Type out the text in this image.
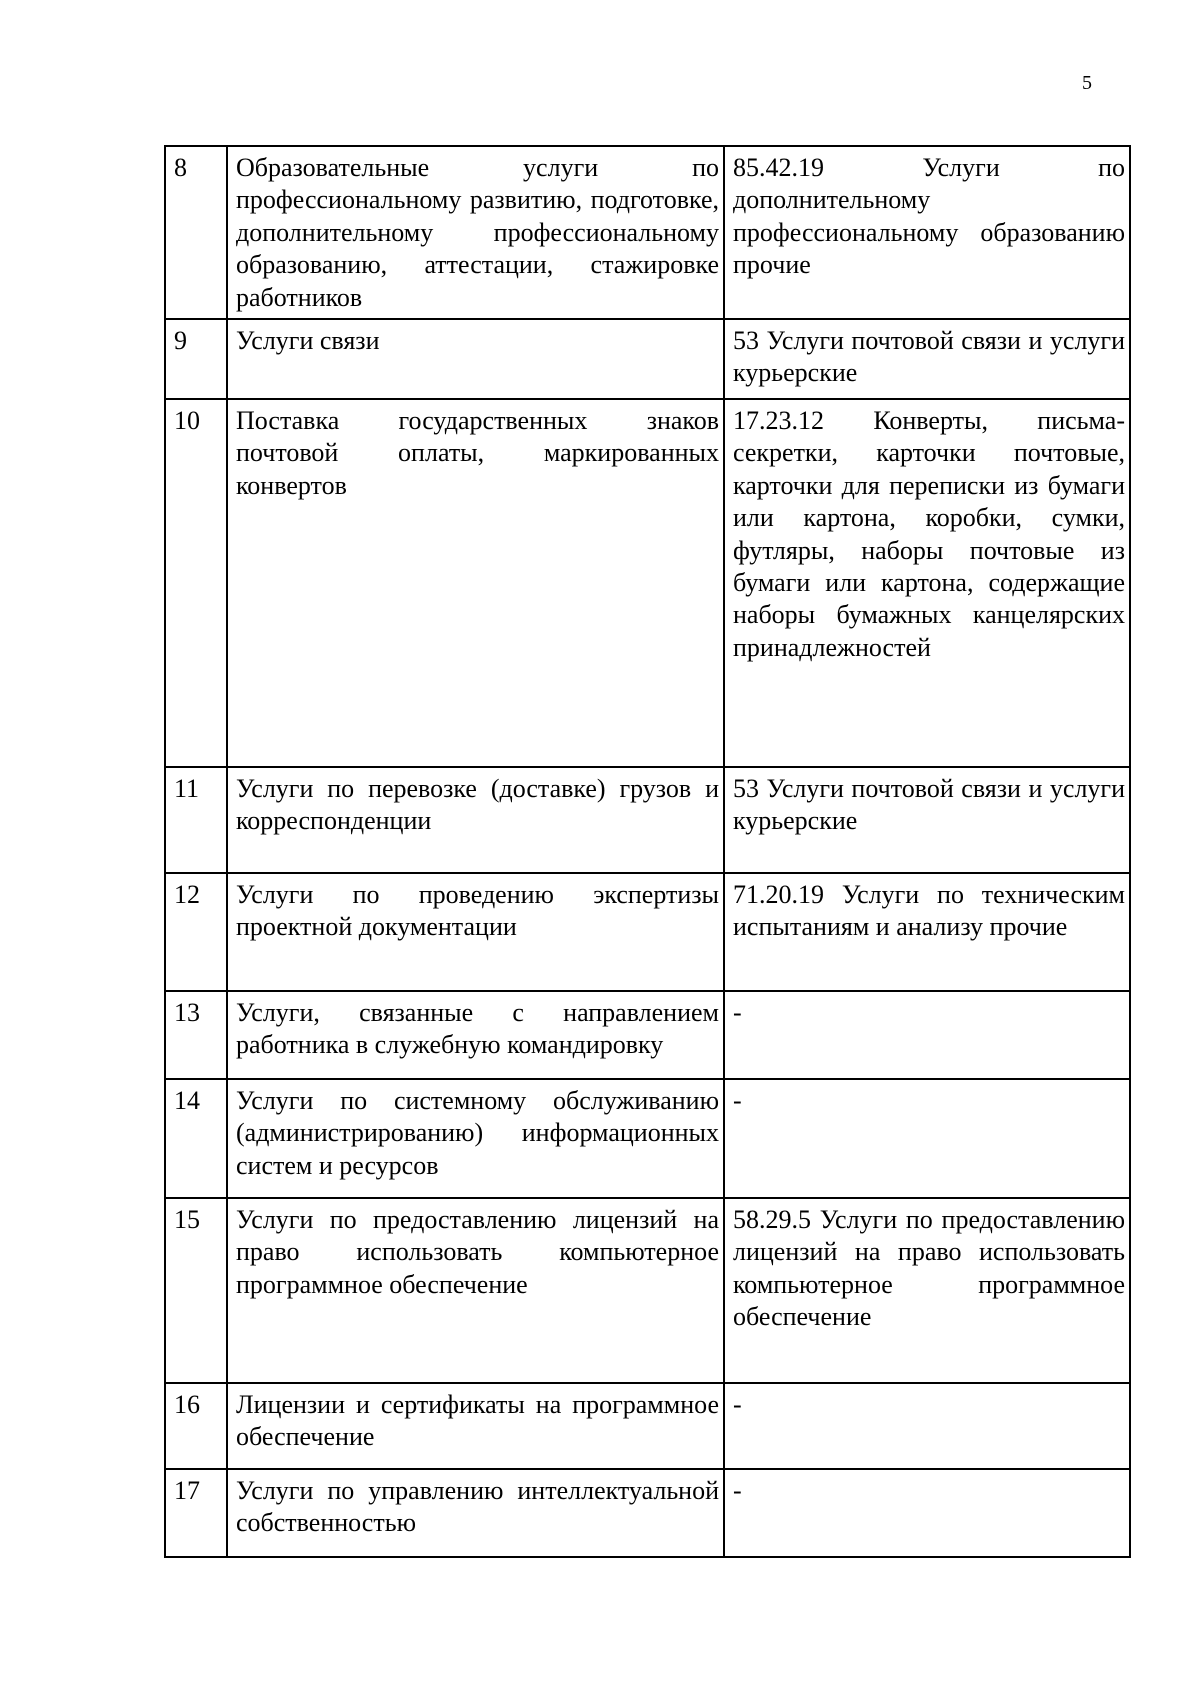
5
8	Образовательные услуги по профессиональному развитию, подготовке, дополнительному профессиональному образованию, аттестации, стажировке работников	85.42.19 Услуги по дополнительному профессиональному образованию прочие
9	Услуги связи	53 Услуги почтовой связи и услуги курьерские
10	Поставка государственных знаков почтовой оплаты, маркированных конвертов	17.23.12 Конверты, письма-секретки, карточки почтовые, карточки для переписки из бумаги или картона, коробки, сумки, футляры, наборы почтовые из бумаги или картона, содержащие наборы бумажных канцелярских принадлежностей
11	Услуги по перевозке (доставке) грузов и корреспонденции	53 Услуги почтовой связи и услуги курьерские
12	Услуги по проведению экспертизы проектной документации	71.20.19 Услуги по техническим испытаниям и анализу прочие
13	Услуги, связанные с направлением работника в служебную командировку	-
14	Услуги по системному обслуживанию (администрированию) информационных систем и ресурсов	-
15	Услуги по предоставлению лицензий на право использовать компьютерное программное обеспечение	58.29.5 Услуги по предоставлению лицензий на право использовать компьютерное программное обеспечение
16	Лицензии и сертификаты на программное обеспечение	-
17	Услуги по управлению интеллектуальной собственностью	-
